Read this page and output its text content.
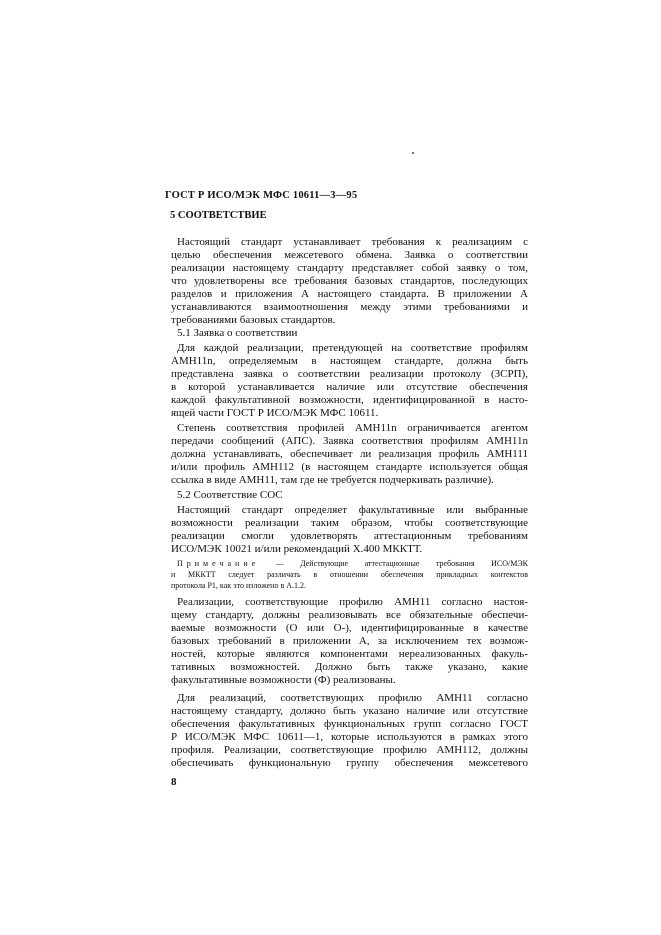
ГОСТ Р ИСО/МЭК МФС 10611—3—95
5 СООТВЕТСТВИЕ
Настоящий стандарт устанавливает требования к реализациям с
целью обеспечения межсетевого обмена. Заявка о соответствии
реализации настоящему стандарту представляет собой заявку о том,
что удовлетворены все требования базовых стандартов, последующих
разделов и приложения А настоящего стандарта. В приложении А
устанавливаются взаимоотношения между этими требованиями и
требованиями базовых стандартов.
5.1 Заявка о соответствии
Для каждой реализации, претендующей на соответствие профилям
АМН11n, определяемым в настоящем стандарте, должна быть
представлена заявка о соответствии реализации протоколу (ЗСРП),
в которой устанавливается наличие или отсутствие обеспечения
каждой факультативной возможности, идентифицированной в насто-
ящей части ГОСТ Р ИСО/МЭК МФС 10611.
Степень соответствия профилей АМН11n ограничивается агентом
передачи сообщений (АПС). Заявка соответствия профилям АМН11n
должна устанавливать, обеспечивает ли реализация профиль АМН111
и/или профиль АМН112 (в настоящем стандарте используется общая
ссылка в виде АМН11, там где не требуется подчеркивать различие).
5.2 Соответствие СОС
Настоящий стандарт определяет факультативные или выбранные
возможности реализации таким образом, чтобы соответствующие
реализации смогли удовлетворять аттестационным требованиям
ИСО/МЭК 10021 и/или рекомендаций Х.400 МККТТ.
Примечание — Действующие аттестационные требования ИСО/МЭК
и МККТТ следует различать в отношении обеспечения прикладных контекстов
протокола Р1, как это изложено в А.1.2.
Реализации, соответствующие профилю АМН11 согласно настоя-
щему стандарту, должны реализовывать все обязательные обеспечи-
ваемые возможности (О или О-), идентифицированные в качестве
базовых требований в приложении А, за исключением тех возмож-
ностей, которые являются компонентами нереализованных факуль-
тативных возможностей. Должно быть также указано, какие
факультативные возможности (Ф) реализованы.
Для реализаций, соответствующих профилю АМН11 согласно
настоящему стандарту, должно быть указано наличие или отсутствие
обеспечения факультативных функциональных групп согласно ГОСТ
Р ИСО/МЭК МФС 10611—1, которые используются в рамках этого
профиля. Реализации, соответствующие профилю АМН112, должны
обеспечивать функциональную группу обеспечения межсетевого
8
